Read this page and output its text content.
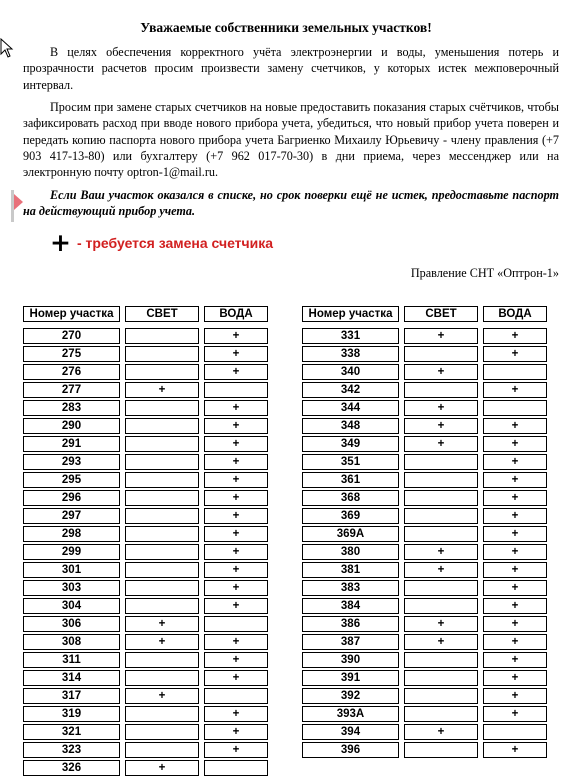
Уважаемые собственники земельных участков!

В целях обеспечения корректного учёта электроэнергии и воды, уменьшения потерь и прозрачности расчетов просим произвести замену счетчиков, у которых истек межповерочный интервал.

Просим при замене старых счетчиков на новые предоставить показания старых счётчиков, чтобы зафиксировать расход при вводе нового прибора учета, убедиться, что новый прибор учета поверен и передать копию паспорта нового прибора учета Багриенко Михаилу Юрьевичу - члену правления (+7 903 417-13-80) или бухгалтеру (+7 962 017-70-30) в дни приема, через мессенджер или на электронную почту optron-1@mail.ru.

Если Ваш участок оказался в списке, но срок поверки ещё не истек, предоставьте паспорт на действующий прибор учета.

+ - требуется замена счетчика
Правление СНТ «Оптрон-1»
Номер участка	СВЕТ	ВОДА

270		+
275		+
276		+
277	+	
283		+
290		+
291		+
293		+
295		+
296		+
297		+
298		+
299		+
301		+
303		+
304		+
306	+	
308	+	+
311		+
314		+
317	+	
319		+
321		+
323		+
326	+	
Номер участка	СВЕТ	ВОДА

331	+	+
338		+
340	+	
342		+
344	+	
348	+	+
349	+	+
351		+
361		+
368		+
369		+
369А		+
380	+	+
381	+	+
383		+
384		+
386	+	+
387	+	+
390		+
391		+
392		+
393А		+
394	+	
396		+
